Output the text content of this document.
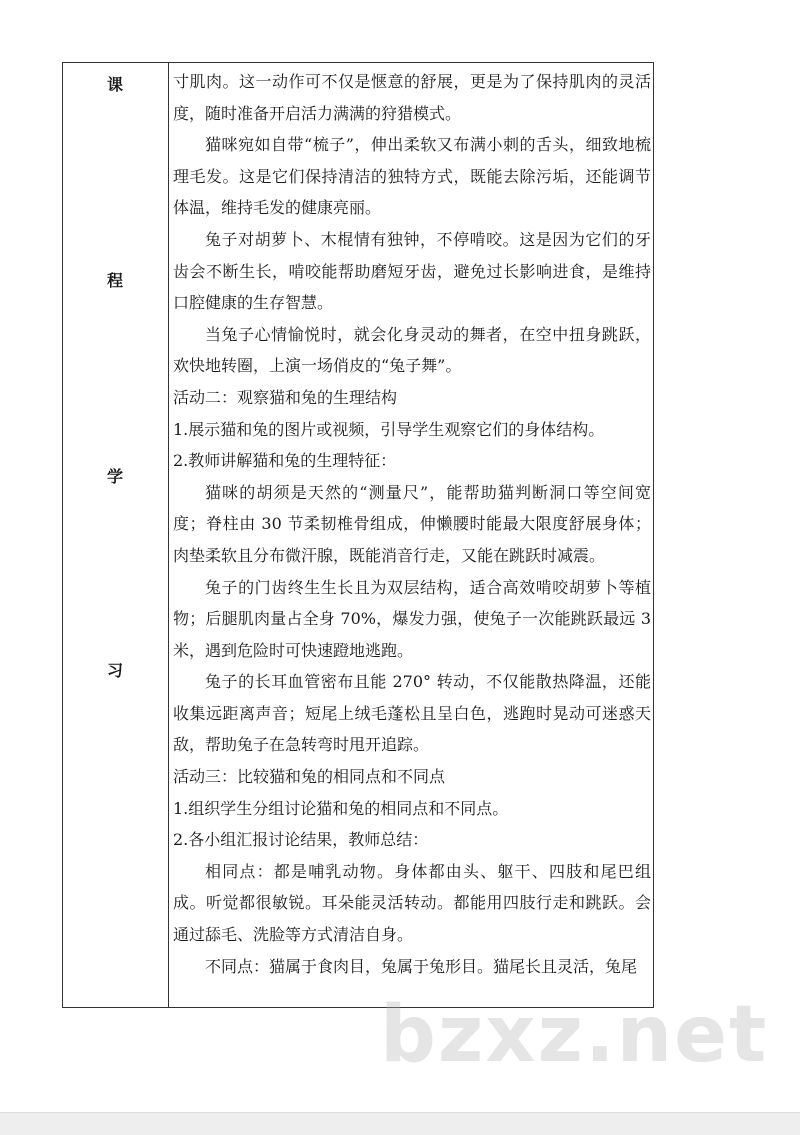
课
程
学
习

寸肌肉。这一动作可不仅是惬意的舒展，更是为了保持肌肉的灵活度，随时准备开启活力满满的狩猎模式。

猫咪宛如自带“梳子”，伸出柔软又布满小刺的舌头，细致地梳理毛发。这是它们保持清洁的独特方式，既能去除污垢，还能调节体温，维持毛发的健康亮丽。

兔子对胡萝卜、木棍情有独钟，不停啃咬。这是因为它们的牙齿会不断生长，啃咬能帮助磨短牙齿，避免过长影响进食，是维持口腔健康的生存智慧。

当兔子心情愉悦时，就会化身灵动的舞者，在空中扭身跳跃，欢快地转圈，上演一场俏皮的“兔子舞”。

活动二：观察猫和兔的生理结构

1.展示猫和兔的图片或视频，引导学生观察它们的身体结构。

2.教师讲解猫和兔的生理特征：

猫咪的胡须是天然的“测量尺”，能帮助猫判断洞口等空间宽度；脊柱由 30 节柔韧椎骨组成，伸懒腰时能最大限度舒展身体；肉垫柔软且分布微汗腺，既能消音行走，又能在跳跃时减震。

兔子的门齿终生生长且为双层结构，适合高效啃咬胡萝卜等植物；后腿肌肉量占全身 70%，爆发力强，使兔子一次能跳跃最远 3 米，遇到危险时可快速蹬地逃跑。

兔子的长耳血管密布且能 270° 转动，不仅能散热降温，还能收集远距离声音；短尾上绒毛蓬松且呈白色，逃跑时晃动可迷惑天敌，帮助兔子在急转弯时甩开追踪。

活动三：比较猫和兔的相同点和不同点

1.组织学生分组讨论猫和兔的相同点和不同点。

2.各小组汇报讨论结果，教师总结：

相同点：都是哺乳动物。身体都由头、躯干、四肢和尾巴组成。听觉都很敏锐。耳朵能灵活转动。都能用四肢行走和跳跃。会通过舔毛、洗脸等方式清洁自身。

不同点：猫属于食肉目，兔属于兔形目。猫尾长且灵活，兔尾

bzxz.net
